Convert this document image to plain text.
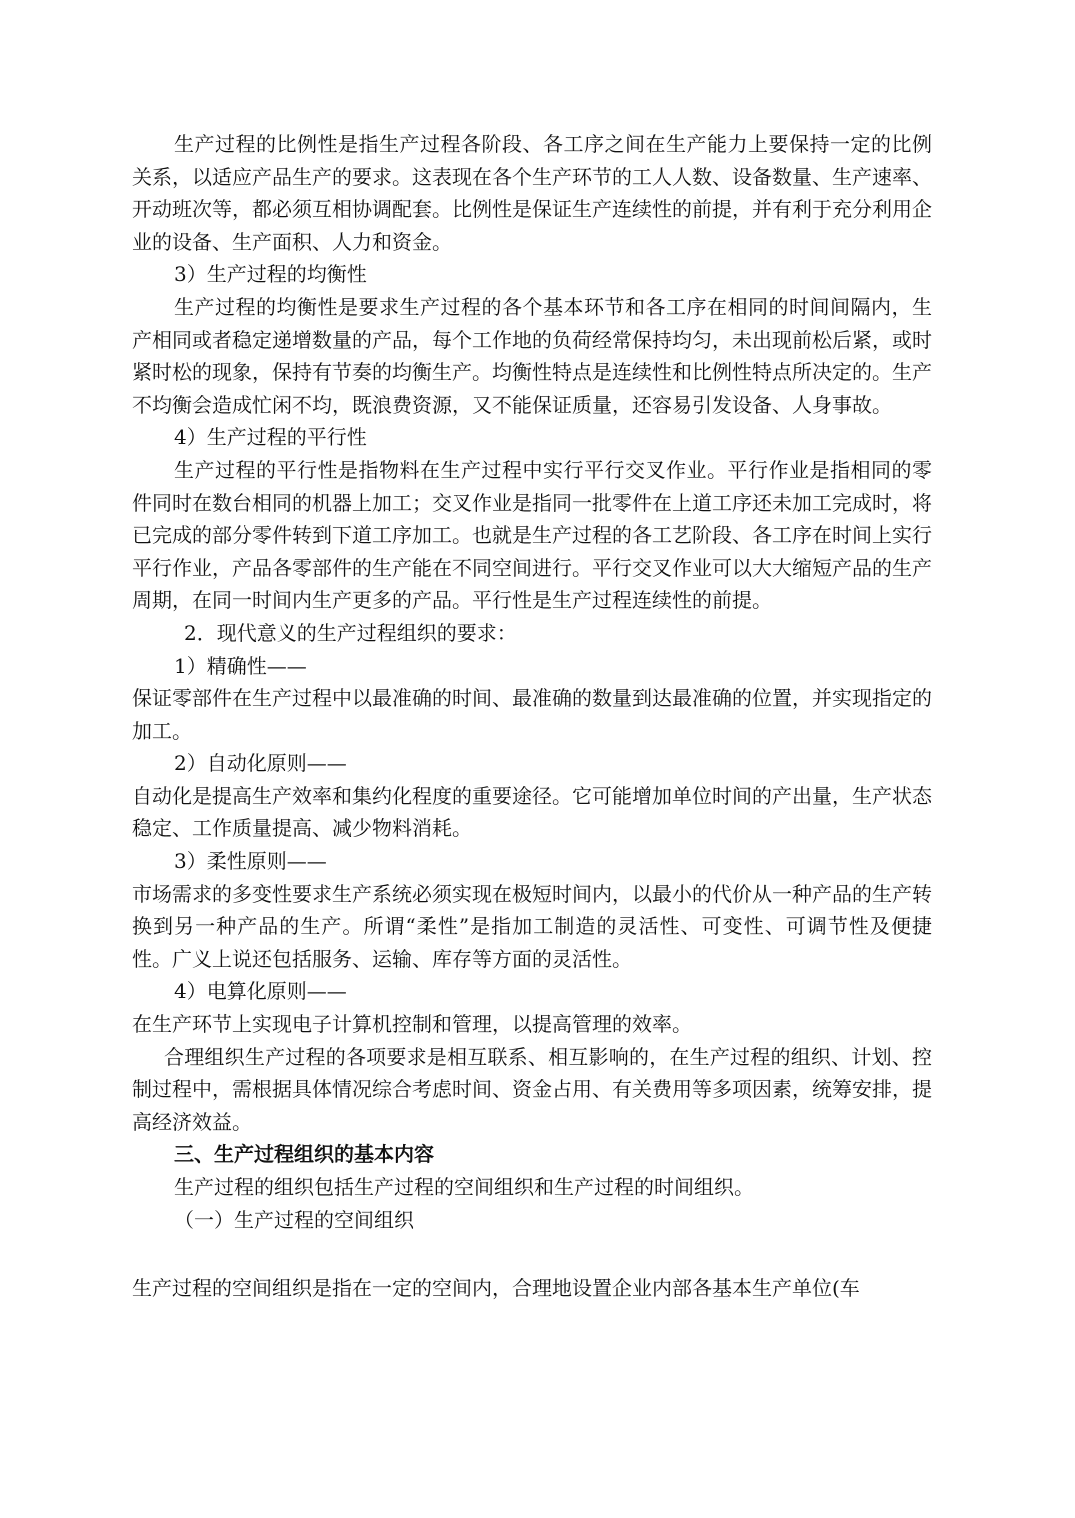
生产过程的比例性是指生产过程各阶段、各工序之间在生产能力上要保持一定的比例关系，以适应产品生产的要求。这表现在各个生产环节的工人人数、设备数量、生产速率、开动班次等，都必须互相协调配套。比例性是保证生产连续性的前提，并有利于充分利用企业的设备、生产面积、人力和资金。

3）生产过程的均衡性

生产过程的均衡性是要求生产过程的各个基本环节和各工序在相同的时间间隔内，生产相同或者稳定递增数量的产品，每个工作地的负荷经常保持均匀，未出现前松后紧，或时紧时松的现象，保持有节奏的均衡生产。均衡性特点是连续性和比例性特点所决定的。生产不均衡会造成忙闲不均，既浪费资源，又不能保证质量，还容易引发设备、人身事故。

4）生产过程的平行性

生产过程的平行性是指物料在生产过程中实行平行交叉作业。平行作业是指相同的零件同时在数台相同的机器上加工；交叉作业是指同一批零件在上道工序还未加工完成时，将已完成的部分零件转到下道工序加工。也就是生产过程的各工艺阶段、各工序在时间上实行平行作业，产品各零部件的生产能在不同空间进行。平行交叉作业可以大大缩短产品的生产周期，在同一时间内生产更多的产品。平行性是生产过程连续性的前提。

2．现代意义的生产过程组织的要求：

1）精确性——

保证零部件在生产过程中以最准确的时间、最准确的数量到达最准确的位置，并实现指定的加工。

2）自动化原则——

自动化是提高生产效率和集约化程度的重要途径。它可能增加单位时间的产出量，生产状态稳定、工作质量提高、减少物料消耗。

3）柔性原则——

市场需求的多变性要求生产系统必须实现在极短时间内，以最小的代价从一种产品的生产转换到另一种产品的生产。所谓“柔性”是指加工制造的灵活性、可变性、可调节性及便捷性。广义上说还包括服务、运输、库存等方面的灵活性。

4）电算化原则——

在生产环节上实现电子计算机控制和管理，以提高管理的效率。

合理组织生产过程的各项要求是相互联系、相互影响的，在生产过程的组织、计划、控制过程中，需根据具体情况综合考虑时间、资金占用、有关费用等多项因素，统筹安排，提高经济效益。

三、生产过程组织的基本内容

生产过程的组织包括生产过程的空间组织和生产过程的时间组织。

（一）生产过程的空间组织

生产过程的空间组织是指在一定的空间内，合理地设置企业内部各基本生产单位(车
